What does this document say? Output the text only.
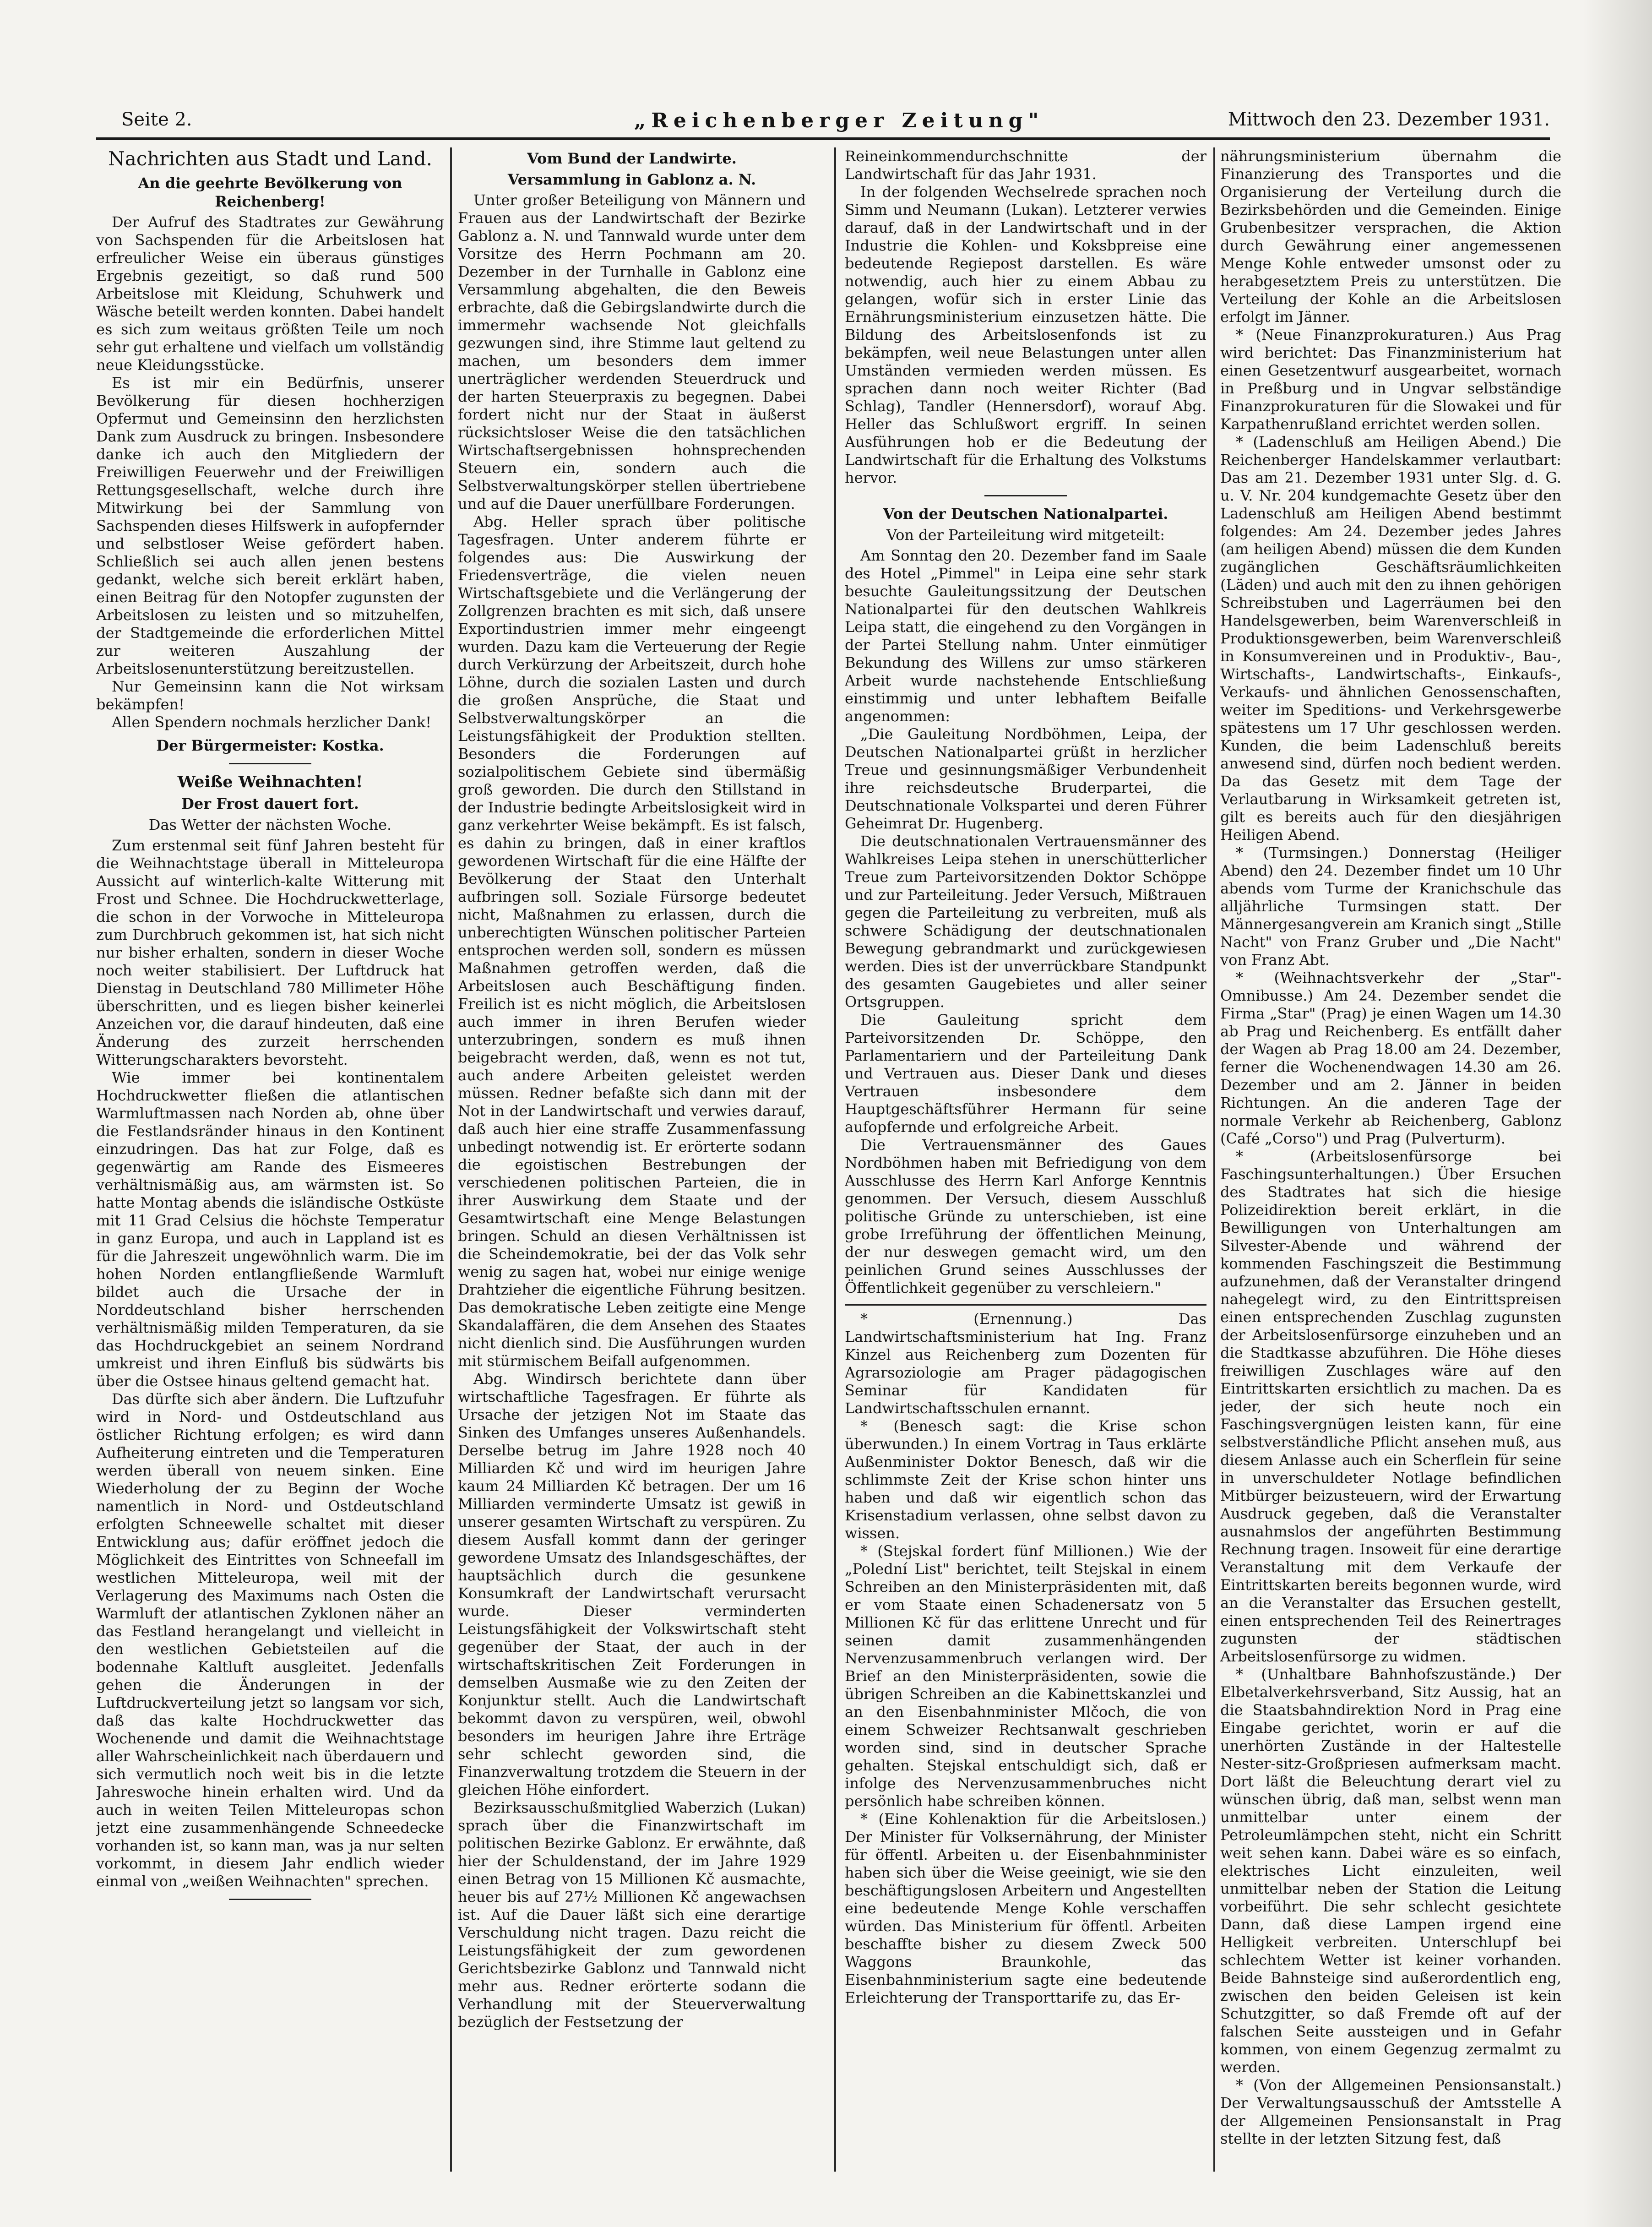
Seite 2.	„Reichenberger Zeitung"	Mittwoch den 23. Dezember 1931.
Nachrichten aus Stadt und Land.
An die geehrte Bevölkerung von Reichenberg!

Der Aufruf des Stadtrates zur Gewährung von Sachspenden für die Arbeitslosen hat erfreulicher Weise ein überaus günstiges Ergebnis gezeitigt, so daß rund 500 Arbeitslose mit Kleidung, Schuhwerk und Wäsche beteilt werden konnten. Dabei handelt es sich zum weitaus größten Teile um noch sehr gut erhaltene und vielfach um vollständig neue Kleidungsstücke.

Es ist mir ein Bedürfnis, unserer Bevölkerung für diesen hochherzigen Opfermut und Gemeinsinn den herzlichsten Dank zum Ausdruck zu bringen. Insbesondere danke ich auch den Mitgliedern der Freiwilligen Feuerwehr und der Freiwilligen Rettungsgesellschaft, welche durch ihre Mitwirkung bei der Sammlung von Sachspenden dieses Hilfswerk in aufopfernder und selbstloser Weise gefördert haben. Schließlich sei auch allen jenen bestens gedankt, welche sich bereit erklärt haben, einen Beitrag für den Notopfer zugunsten der Arbeitslosen zu leisten und so mitzuhelfen, der Stadtgemeinde die erforderlichen Mittel zur weiteren Auszahlung der Arbeitslosenunterstützung bereitzustellen.

Nur Gemeinsinn kann die Not wirksam bekämpfen!

Allen Spendern nochmals herzlicher Dank!

Der Bürgermeister: Kostka.

Weiße Weihnachten!
Der Frost dauert fort.
Das Wetter der nächsten Woche.

Zum erstenmal seit fünf Jahren besteht für die Weihnachtstage überall in Mitteleuropa Aussicht auf winterlich-kalte Witterung mit Frost und Schnee. Die Hochdruckwetterlage, die schon in der Vorwoche in Mitteleuropa zum Durchbruch gekommen ist, hat sich nicht nur bisher erhalten, sondern in dieser Woche noch weiter stabilisiert. Der Luftdruck hat Dienstag in Deutschland 780 Millimeter Höhe überschritten, und es liegen bisher keinerlei Anzeichen vor, die darauf hindeuten, daß eine Änderung des zurzeit herrschenden Witterungscharakters bevorsteht.

Wie immer bei kontinentalem Hochdruckwetter fließen die atlantischen Warmluftmassen nach Norden ab, ohne über die Festlandsränder hinaus in den Kontinent einzudringen. Das hat zur Folge, daß es gegenwärtig am Rande des Eismeeres verhältnismäßig aus, am wärmsten ist. So hatte Montag abends die isländische Ostküste mit 11 Grad Celsius die höchste Temperatur in ganz Europa, und auch in Lappland ist es für die Jahreszeit ungewöhnlich warm. Die im hohen Norden entlangfließende Warmluft bildet auch die Ursache der in Norddeutschland bisher herrschenden verhältnismäßig milden Temperaturen, da sie das Hochdruckgebiet an seinem Nordrand umkreist und ihren Einfluß bis südwärts bis über die Ostsee hinaus geltend gemacht hat.

Das dürfte sich aber ändern. Die Luftzufuhr wird in Nord- und Ostdeutschland aus östlicher Richtung erfolgen; es wird dann Aufheiterung eintreten und die Temperaturen werden überall von neuem sinken. Eine Wiederholung der zu Beginn der Woche namentlich in Nord- und Ostdeutschland erfolgten Schneewelle schaltet mit dieser Entwicklung aus; dafür eröffnet jedoch die Möglichkeit des Eintrittes von Schneefall im westlichen Mitteleuropa, weil mit der Verlagerung des Maximums nach Osten die Warmluft der atlantischen Zyklonen näher an das Festland herangelangt und vielleicht in den westlichen Gebietsteilen auf die bodennahe Kaltluft ausgleitet. Jedenfalls gehen die Änderungen in der Luftdruckverteilung jetzt so langsam vor sich, daß das kalte Hochdruckwetter das Wochenende und damit die Weihnachtstage aller Wahrscheinlichkeit nach überdauern und sich vermutlich noch weit bis in die letzte Jahreswoche hinein erhalten wird. Und da auch in weiten Teilen Mitteleuropas schon jetzt eine zusammenhängende Schneedecke vorhanden ist, so kann man, was ja nur selten vorkommt, in diesem Jahr endlich wieder einmal von „weißen Weihnachten" sprechen.

Vom Bund der Landwirte.
Versammlung in Gablonz a. N.

Unter großer Beteiligung von Männern und Frauen aus der Landwirtschaft der Bezirke Gablonz a. N. und Tannwald wurde unter dem Vorsitze des Herrn Pochmann am 20. Dezember in der Turnhalle in Gablonz eine Versammlung abgehalten, die den Beweis erbrachte, daß die Gebirgslandwirte durch die immermehr wachsende Not gleichfalls gezwungen sind, ihre Stimme laut geltend zu machen, um besonders dem immer unerträglicher werdenden Steuerdruck und der harten Steuerpraxis zu begegnen. Dabei fordert nicht nur der Staat in äußerst rücksichtsloser Weise die den tatsächlichen Wirtschaftsergebnissen hohnsprechenden Steuern ein, sondern auch die Selbstverwaltungskörper stellen übertriebene und auf die Dauer unerfüllbare Forderungen.

Abg. Heller sprach über politische Tagesfragen. Unter anderem führte er folgendes aus: Die Auswirkung der Friedensverträge, die vielen neuen Wirtschaftsgebiete und die Verlängerung der Zollgrenzen brachten es mit sich, daß unsere Exportindustrien immer mehr eingeengt wurden. Dazu kam die Verteuerung der Regie durch Verkürzung der Arbeitszeit, durch hohe Löhne, durch die sozialen Lasten und durch die großen Ansprüche, die Staat und Selbstverwaltungskörper an die Leistungsfähigkeit der Produktion stellten. Besonders die Forderungen auf sozialpolitischem Gebiete sind übermäßig groß geworden. Die durch den Stillstand in der Industrie bedingte Arbeitslosigkeit wird in ganz verkehrter Weise bekämpft. Es ist falsch, es dahin zu bringen, daß in einer kraftlos gewordenen Wirtschaft für die eine Hälfte der Bevölkerung der Staat den Unterhalt aufbringen soll. Soziale Fürsorge bedeutet nicht, Maßnahmen zu erlassen, durch die unberechtigten Wünschen politischer Parteien entsprochen werden soll, sondern es müssen Maßnahmen getroffen werden, daß die Arbeitslosen auch Beschäftigung finden. Freilich ist es nicht möglich, die Arbeitslosen auch immer in ihren Berufen wieder unterzubringen, sondern es muß ihnen beigebracht werden, daß, wenn es not tut, auch andere Arbeiten geleistet werden müssen. Redner befaßte sich dann mit der Not in der Landwirtschaft und verwies darauf, daß auch hier eine straffe Zusammenfassung unbedingt notwendig ist. Er erörterte sodann die egoistischen Bestrebungen der verschiedenen politischen Parteien, die in ihrer Auswirkung dem Staate und der Gesamtwirtschaft eine Menge Belastungen bringen. Schuld an diesen Verhältnissen ist die Scheindemokratie, bei der das Volk sehr wenig zu sagen hat, wobei nur einige wenige Drahtzieher die eigentliche Führung besitzen. Das demokratische Leben zeitigte eine Menge Skandalaffären, die dem Ansehen des Staates nicht dienlich sind. Die Ausführungen wurden mit stürmischem Beifall aufgenommen.

Abg. Windirsch berichtete dann über wirtschaftliche Tagesfragen. Er führte als Ursache der jetzigen Not im Staate das Sinken des Umfanges unseres Außenhandels. Derselbe betrug im Jahre 1928 noch 40 Milliarden Kč und wird im heurigen Jahre kaum 24 Milliarden Kč betragen. Der um 16 Milliarden verminderte Umsatz ist gewiß in unserer gesamten Wirtschaft zu verspüren. Zu diesem Ausfall kommt dann der geringer gewordene Umsatz des Inlandsgeschäftes, der hauptsächlich durch die gesunkene Konsumkraft der Landwirtschaft verursacht wurde. Dieser verminderten Leistungsfähigkeit der Volkswirtschaft steht gegenüber der Staat, der auch in der wirtschaftskritischen Zeit Forderungen in demselben Ausmaße wie zu den Zeiten der Konjunktur stellt. Auch die Landwirtschaft bekommt davon zu verspüren, weil, obwohl besonders im heurigen Jahre ihre Erträge sehr schlecht geworden sind, die Finanzverwaltung trotzdem die Steuern in der gleichen Höhe einfordert.

Bezirksausschußmitglied Waberzich (Lukan) sprach über die Finanzwirtschaft im politischen Bezirke Gablonz. Er erwähnte, daß hier der Schuldenstand, der im Jahre 1929 einen Betrag von 15 Millionen Kč ausmachte, heuer bis auf 27½ Millionen Kč angewachsen ist. Auf die Dauer läßt sich eine derartige Verschuldung nicht tragen. Dazu reicht die Leistungsfähigkeit der zum gewordenen Gerichtsbezirke Gablonz und Tannwald nicht mehr aus. Redner erörterte sodann die Verhandlung mit der Steuerverwaltung bezüglich der Festsetzung der

Reineinkommendurchschnitte der Landwirtschaft für das Jahr 1931.

In der folgenden Wechselrede sprachen noch Simm und Neumann (Lukan). Letzterer verwies darauf, daß in der Landwirtschaft und in der Industrie die Kohlen- und Koksbpreise eine bedeutende Regiepost darstellen. Es wäre notwendig, auch hier zu einem Abbau zu gelangen, wofür sich in erster Linie das Ernährungsministerium einzusetzen hätte. Die Bildung des Arbeitslosenfonds ist zu bekämpfen, weil neue Belastungen unter allen Umständen vermieden werden müssen. Es sprachen dann noch weiter Richter (Bad Schlag), Tandler (Hennersdorf), worauf Abg. Heller das Schlußwort ergriff. In seinen Ausführungen hob er die Bedeutung der Landwirtschaft für die Erhaltung des Volkstums hervor.

Von der Deutschen Nationalpartei.
Von der Parteileitung wird mitgeteilt:

Am Sonntag den 20. Dezember fand im Saale des Hotel „Pimmel" in Leipa eine sehr stark besuchte Gauleitungssitzung der Deutschen Nationalpartei für den deutschen Wahlkreis Leipa statt, die eingehend zu den Vorgängen in der Partei Stellung nahm. Unter einmütiger Bekundung des Willens zur umso stärkeren Arbeit wurde nachstehende Entschließung einstimmig und unter lebhaftem Beifalle angenommen:

„Die Gauleitung Nordböhmen, Leipa, der Deutschen Nationalpartei grüßt in herzlicher Treue und gesinnungsmäßiger Verbundenheit ihre reichsdeutsche Bruderpartei, die Deutschnationale Volkspartei und deren Führer Geheimrat Dr. Hugenberg.

Die deutschnationalen Vertrauensmänner des Wahlkreises Leipa stehen in unerschütterlicher Treue zum Parteivorsitzenden Doktor Schöppe und zur Parteileitung. Jeder Versuch, Mißtrauen gegen die Parteileitung zu verbreiten, muß als schwere Schädigung der deutschnationalen Bewegung gebrandmarkt und zurückgewiesen werden. Dies ist der unverrückbare Standpunkt des gesamten Gaugebietes und aller seiner Ortsgruppen.

Die Gauleitung spricht dem Parteivorsitzenden Dr. Schöppe, den Parlamentariern und der Parteileitung Dank und Vertrauen aus. Dieser Dank und dieses Vertrauen insbesondere dem Hauptgeschäftsführer Hermann für seine aufopfernde und erfolgreiche Arbeit.

Die Vertrauensmänner des Gaues Nordböhmen haben mit Befriedigung von dem Ausschlusse des Herrn Karl Anforge Kenntnis genommen. Der Versuch, diesem Ausschluß politische Gründe zu unterschieben, ist eine grobe Irreführung der öffentlichen Meinung, der nur deswegen gemacht wird, um den peinlichen Grund seines Ausschlusses der Öffentlichkeit gegenüber zu verschleiern."

* (Ernennung.) Das Landwirtschaftsministerium hat Ing. Franz Kinzel aus Reichenberg zum Dozenten für Agrarsoziologie am Prager pädagogischen Seminar für Kandidaten für Landwirtschaftsschulen ernannt.

* (Benesch sagt: die Krise schon überwunden.) In einem Vortrag in Taus erklärte Außenminister Doktor Benesch, daß wir die schlimmste Zeit der Krise schon hinter uns haben und daß wir eigentlich schon das Krisenstadium verlassen, ohne selbst davon zu wissen.

* (Stejskal fordert fünf Millionen.) Wie der „Polední List" berichtet, teilt Stejskal in einem Schreiben an den Ministerpräsidenten mit, daß er vom Staate einen Schadenersatz von 5 Millionen Kč für das erlittene Unrecht und für seinen damit zusammenhängenden Nervenzusammenbruch verlangen wird. Der Brief an den Ministerpräsidenten, sowie die übrigen Schreiben an die Kabinettskanzlei und an den Eisenbahnminister Mlčoch, die von einem Schweizer Rechtsanwalt geschrieben worden sind, sind in deutscher Sprache gehalten. Stejskal entschuldigt sich, daß er infolge des Nervenzusammenbruches nicht persönlich habe schreiben können.

* (Eine Kohlenaktion für die Arbeitslosen.) Der Minister für Volksernährung, der Minister für öffentl. Arbeiten u. der Eisenbahnminister haben sich über die Weise geeinigt, wie sie den beschäftigungslosen Arbeitern und Angestellten eine bedeutende Menge Kohle verschaffen würden. Das Ministerium für öffentl. Arbeiten beschaffte bisher zu diesem Zweck 500 Waggons Braunkohle, das Eisenbahnministerium sagte eine bedeutende Erleichterung der Transporttarife zu, das Er-

nährungsministerium übernahm die Finanzierung des Transportes und die Organisierung der Verteilung durch die Bezirksbehörden und die Gemeinden. Einige Grubenbesitzer versprachen, die Aktion durch Gewährung einer angemessenen Menge Kohle entweder umsonst oder zu herabgesetztem Preis zu unterstützen. Die Verteilung der Kohle an die Arbeitslosen erfolgt im Jänner.

* (Neue Finanzprokuraturen.) Aus Prag wird berichtet: Das Finanzministerium hat einen Gesetzentwurf ausgearbeitet, wornach in Preßburg und in Ungvar selbständige Finanzprokuraturen für die Slowakei und für Karpathenrußland errichtet werden sollen.

* (Ladenschluß am Heiligen Abend.) Die Reichenberger Handelskammer verlautbart: Das am 21. Dezember 1931 unter Slg. d. G. u. V. Nr. 204 kundgemachte Gesetz über den Ladenschluß am Heiligen Abend bestimmt folgendes: Am 24. Dezember jedes Jahres (am heiligen Abend) müssen die dem Kunden zugänglichen Geschäftsräumlichkeiten (Läden) und auch mit den zu ihnen gehörigen Schreibstuben und Lagerräumen bei den Handelsgewerben, beim Warenverschleiß in Produktionsgewerben, beim Warenverschleiß in Konsumvereinen und in Produktiv-, Bau-, Wirtschafts-, Landwirtschafts-, Einkaufs-, Verkaufs- und ähnlichen Genossenschaften, weiter im Speditions- und Verkehrsgewerbe spätestens um 17 Uhr geschlossen werden. Kunden, die beim Ladenschluß bereits anwesend sind, dürfen noch bedient werden. Da das Gesetz mit dem Tage der Verlautbarung in Wirksamkeit getreten ist, gilt es bereits auch für den diesjährigen Heiligen Abend.

* (Turmsingen.) Donnerstag (Heiliger Abend) den 24. Dezember findet um 10 Uhr abends vom Turme der Kranichschule das alljährliche Turmsingen statt. Der Männergesangverein am Kranich singt „Stille Nacht" von Franz Gruber und „Die Nacht" von Franz Abt.

* (Weihnachtsverkehr der „Star"-Omnibusse.) Am 24. Dezember sendet die Firma „Star" (Prag) je einen Wagen um 14.30 ab Prag und Reichenberg. Es entfällt daher der Wagen ab Prag 18.00 am 24. Dezember, ferner die Wochenendwagen 14.30 am 26. Dezember und am 2. Jänner in beiden Richtungen. An die anderen Tage der normale Verkehr ab Reichenberg, Gablonz (Café „Corso") und Prag (Pulverturm).

* (Arbeitslosenfürsorge bei Faschingsunterhaltungen.) Über Ersuchen des Stadtrates hat sich die hiesige Polizeidirektion bereit erklärt, in die Bewilligungen von Unterhaltungen am Silvester-Abende und während der kommenden Faschingszeit die Bestimmung aufzunehmen, daß der Veranstalter dringend nahegelegt wird, zu den Eintrittspreisen einen entsprechenden Zuschlag zugunsten der Arbeitslosenfürsorge einzuheben und an die Stadtkasse abzuführen. Die Höhe dieses freiwilligen Zuschlages wäre auf den Eintrittskarten ersichtlich zu machen. Da es jeder, der sich heute noch ein Faschingsvergnügen leisten kann, für eine selbstverständliche Pflicht ansehen muß, aus diesem Anlasse auch ein Scherflein für seine in unverschuldeter Notlage befindlichen Mitbürger beizusteuern, wird der Erwartung Ausdruck gegeben, daß die Veranstalter ausnahmslos der angeführten Bestimmung Rechnung tragen. Insoweit für eine derartige Veranstaltung mit dem Verkaufe der Eintrittskarten bereits begonnen wurde, wird an die Veranstalter das Ersuchen gestellt, einen entsprechenden Teil des Reinertrages zugunsten der städtischen Arbeitslosenfürsorge zu widmen.

* (Unhaltbare Bahnhofszustände.) Der Elbetalverkehrsverband, Sitz Aussig, hat an die Staatsbahndirektion Nord in Prag eine Eingabe gerichtet, worin er auf die unerhörten Zustände in der Haltestelle Nester-sitz-Großpriesen aufmerksam macht. Dort läßt die Beleuchtung derart viel zu wünschen übrig, daß man, selbst wenn man unmittelbar unter einem der Petroleumlämpchen steht, nicht ein Schritt weit sehen kann. Dabei wäre es so einfach, elektrisches Licht einzuleiten, weil unmittelbar neben der Station die Leitung vorbeiführt. Die sehr schlecht gesichtete Dann, daß diese Lampen irgend eine Helligkeit verbreiten. Unterschlupf bei schlechtem Wetter ist keiner vorhanden. Beide Bahnsteige sind außerordentlich eng, zwischen den beiden Geleisen ist kein Schutzgitter, so daß Fremde oft auf der falschen Seite aussteigen und in Gefahr kommen, von einem Gegenzug zermalmt zu werden.

* (Von der Allgemeinen Pensionsanstalt.) Der Verwaltungsausschuß der Amtsstelle A der Allgemeinen Pensionsanstalt in Prag stellte in der letzten Sitzung fest, daß
